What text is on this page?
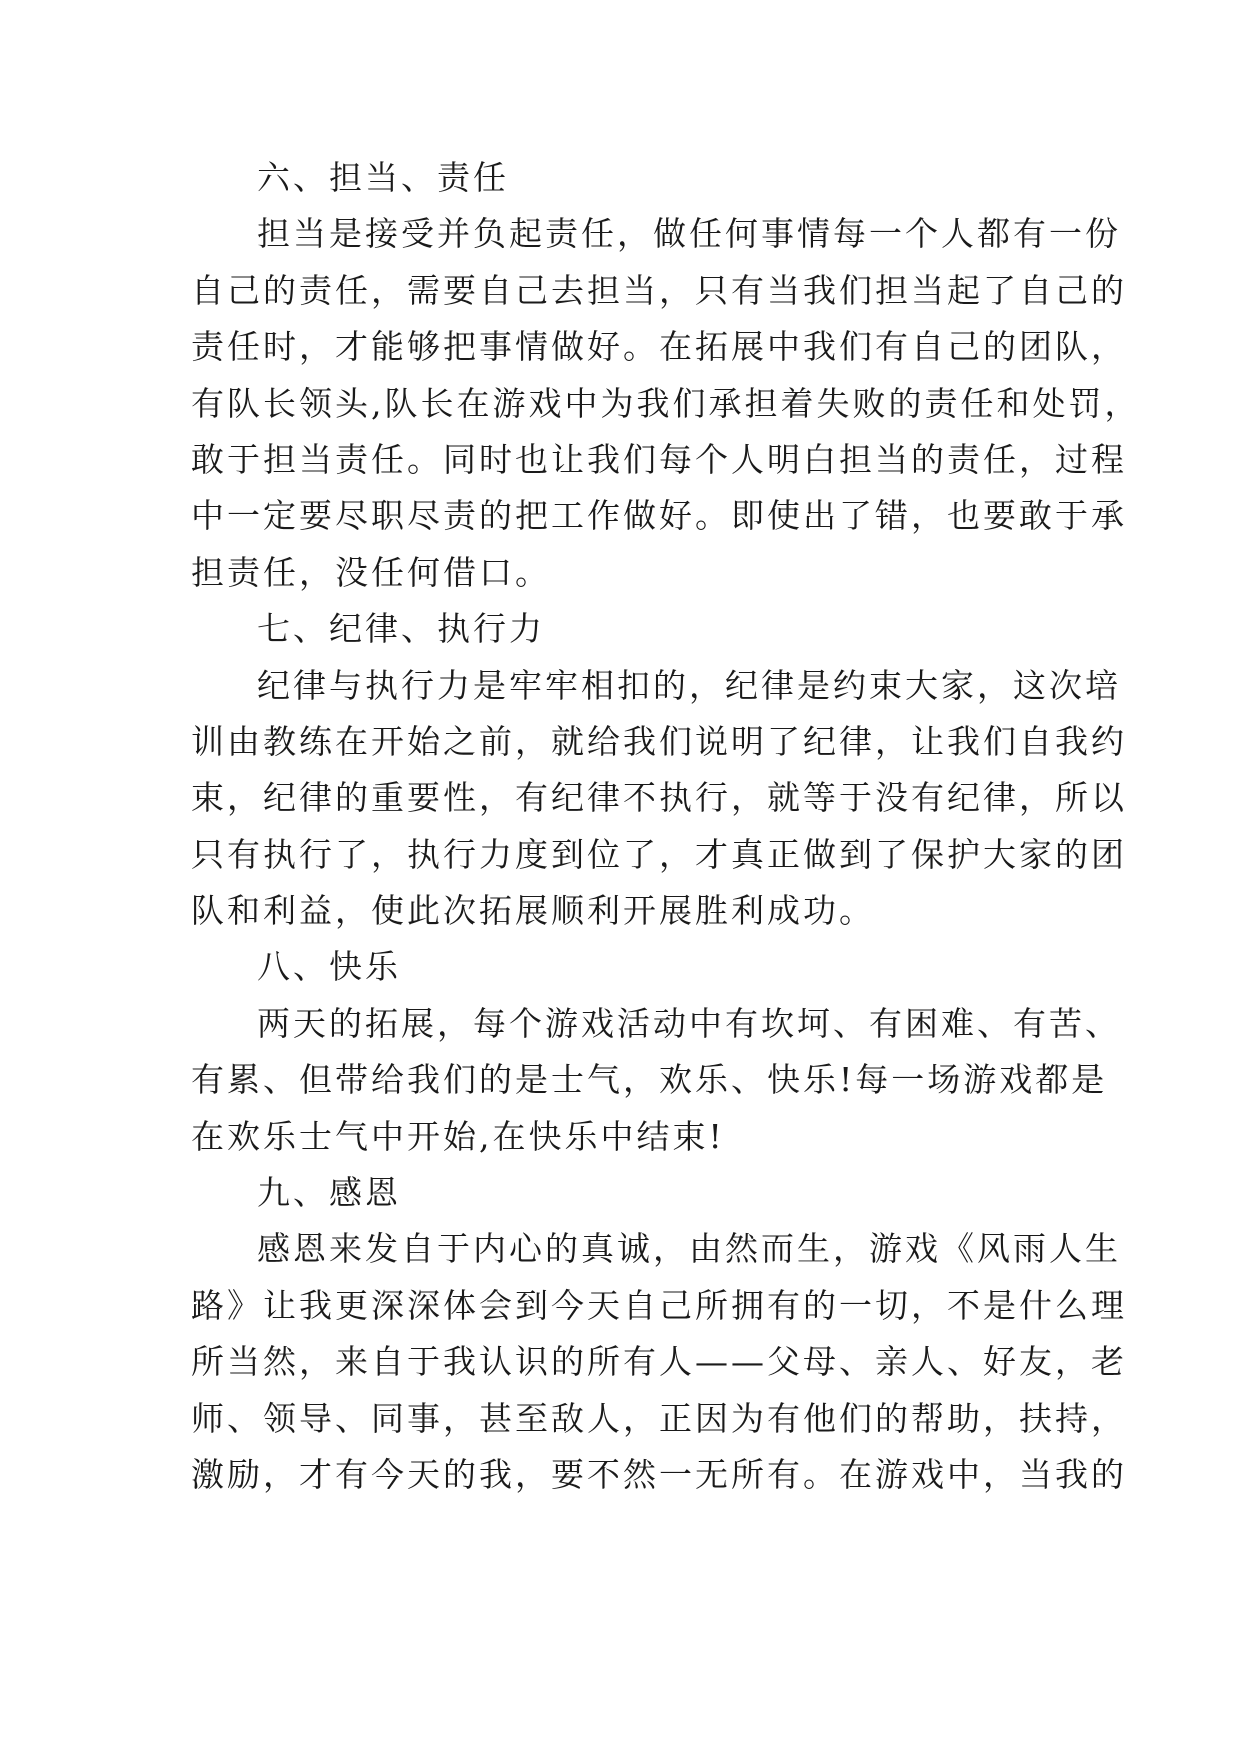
六、担当、责任
担当是接受并负起责任，做任何事情每一个人都有一份
自己的责任，需要自己去担当，只有当我们担当起了自己的
责任时，才能够把事情做好。在拓展中我们有自己的团队，
有队长领头,队长在游戏中为我们承担着失败的责任和处罚，
敢于担当责任。同时也让我们每个人明白担当的责任，过程
中一定要尽职尽责的把工作做好。即使出了错，也要敢于承
担责任，没任何借口。
七、纪律、执行力
纪律与执行力是牢牢相扣的，纪律是约束大家，这次培
训由教练在开始之前，就给我们说明了纪律，让我们自我约
束，纪律的重要性，有纪律不执行，就等于没有纪律，所以
只有执行了，执行力度到位了，才真正做到了保护大家的团
队和利益，使此次拓展顺利开展胜利成功。
八、快乐
两天的拓展，每个游戏活动中有坎坷、有困难、有苦、
有累、但带给我们的是士气，欢乐、快乐!每一场游戏都是
在欢乐士气中开始,在快乐中结束!
九、感恩
感恩来发自于内心的真诚，由然而生，游戏《风雨人生
路》让我更深深体会到今天自己所拥有的一切，不是什么理
所当然，来自于我认识的所有人——父母、亲人、好友，老
师、领导、同事，甚至敌人，正因为有他们的帮助，扶持，
激励，才有今天的我，要不然一无所有。在游戏中，当我的
